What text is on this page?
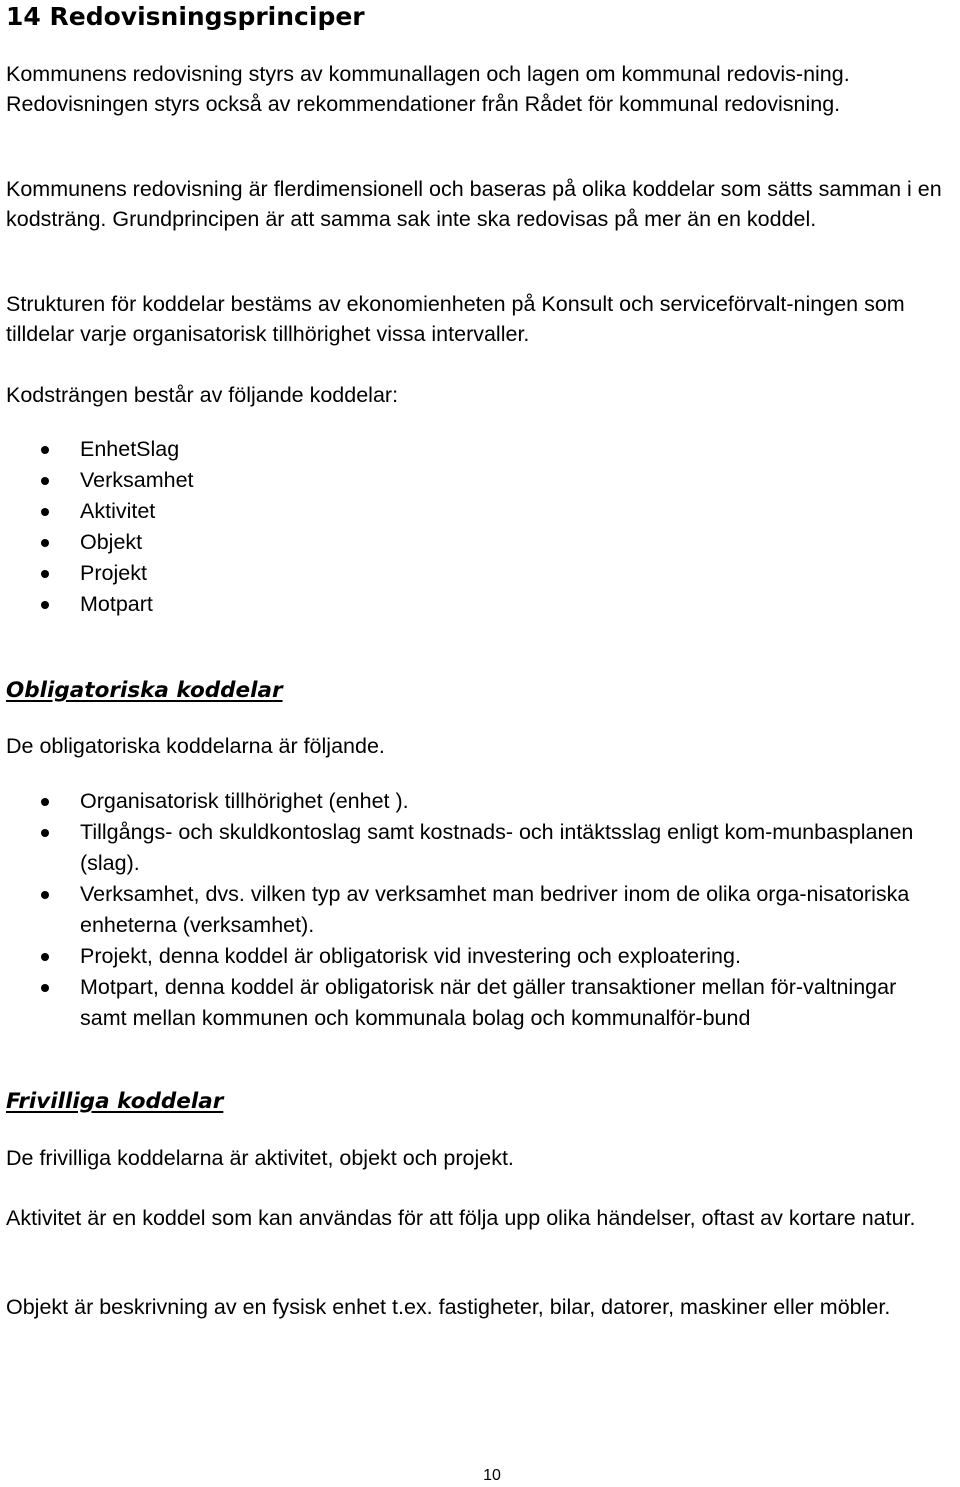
14 Redovisningsprinciper

Kommunens redovisning styrs av kommunallagen och lagen om kommunal redovis-ning. Redovisningen styrs också av rekommendationer från Rådet för kommunal redovisning.

Kommunens redovisning är flerdimensionell och baseras på olika koddelar som sätts samman i en kodsträng. Grundprincipen är att samma sak inte ska redovisas på mer än en koddel.

Strukturen för koddelar bestäms av ekonomienheten på Konsult och serviceförvalt-ningen som tilldelar varje organisatorisk tillhörighet vissa intervaller.

Kodsträngen består av följande koddelar:

EnhetSlag
Verksamhet
Aktivitet
Objekt
Projekt
Motpart
Obligatoriska koddelar

De obligatoriska koddelarna är följande.

Organisatorisk tillhörighet (enhet ).
Tillgångs- och skuldkontoslag samt kostnads- och intäktsslag enligt kom-munbasplanen (slag).
Verksamhet, dvs. vilken typ av verksamhet man bedriver inom de olika orga-nisatoriska enheterna (verksamhet).
Projekt, denna koddel är obligatorisk vid investering och exploatering.
Motpart, denna koddel är obligatorisk när det gäller transaktioner mellan för-valtningar samt mellan kommunen och kommunala bolag och kommunalför-bund
Frivilliga koddelar

De frivilliga koddelarna är aktivitet, objekt och projekt.

Aktivitet är en koddel som kan användas för att följa upp olika händelser, oftast av kortare natur.

Objekt är beskrivning av en fysisk enhet t.ex. fastigheter, bilar, datorer, maskiner eller möbler.

10
